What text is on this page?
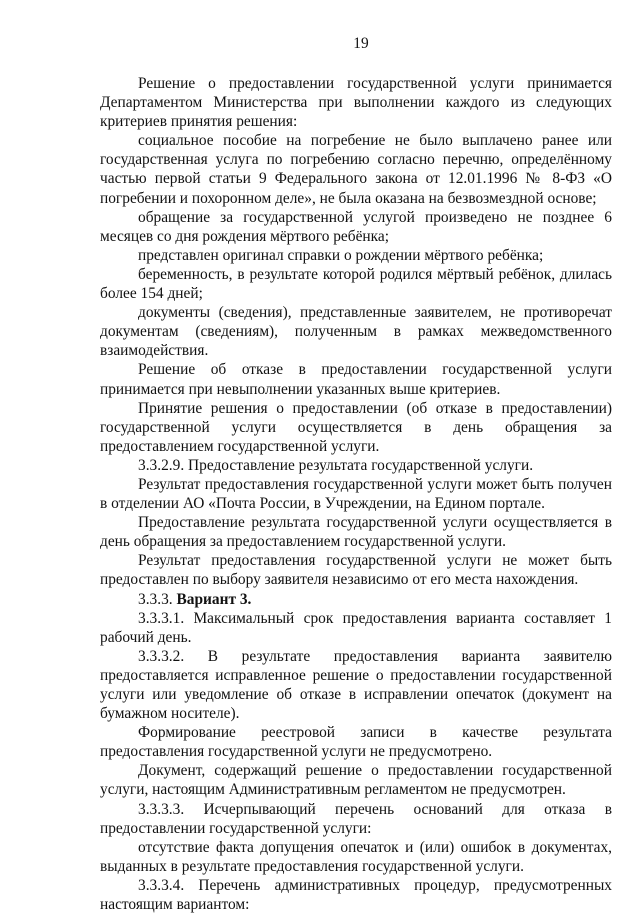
19

Решение о предоставлении государственной услуги принимается Департаментом Министерства при выполнении каждого из следующих критериев принятия решения:

социальное пособие на погребение не было выплачено ранее или государственная услуга по погребению согласно перечню, определённому частью первой статьи 9 Федерального закона от 12.01.1996 № 8-ФЗ «О погребении и похоронном деле», не была оказана на безвозмездной основе;

обращение за государственной услугой произведено не позднее 6 месяцев со дня рождения мёртвого ребёнка;

представлен оригинал справки о рождении мёртвого ребёнка;

беременность, в результате которой родился мёртвый ребёнок, длилась более 154 дней;

документы (сведения), представленные заявителем, не противоречат документам (сведениям), полученным в рамках межведомственного взаимодействия.

Решение об отказе в предоставлении государственной услуги принимается при невыполнении указанных выше критериев.

Принятие решения о предоставлении (об отказе в предоставлении) государственной услуги осуществляется в день обращения за предоставлением государственной услуги.

3.3.2.9. Предоставление результата государственной услуги.

Результат предоставления государственной услуги может быть получен в отделении АО «Почта России, в Учреждении, на Едином портале.

Предоставление результата государственной услуги осуществляется в день обращения за предоставлением государственной услуги.

Результат предоставления государственной услуги не может быть предоставлен по выбору заявителя независимо от его места нахождения.

3.3.3. Вариант 3.

3.3.3.1. Максимальный срок предоставления варианта составляет 1 рабочий день.

3.3.3.2. В результате предоставления варианта заявителю предоставляется исправленное решение о предоставлении государственной услуги или уведомление об отказе в исправлении опечаток (документ на бумажном носителе).

Формирование реестровой записи в качестве результата предоставления государственной услуги не предусмотрено.

Документ, содержащий решение о предоставлении государственной услуги, настоящим Административным регламентом не предусмотрен.

3.3.3.3. Исчерпывающий перечень оснований для отказа в предоставлении государственной услуги:

отсутствие факта допущения опечаток и (или) ошибок в документах, выданных в результате предоставления государственной услуги.

3.3.3.4. Перечень административных процедур, предусмотренных настоящим вариантом:
